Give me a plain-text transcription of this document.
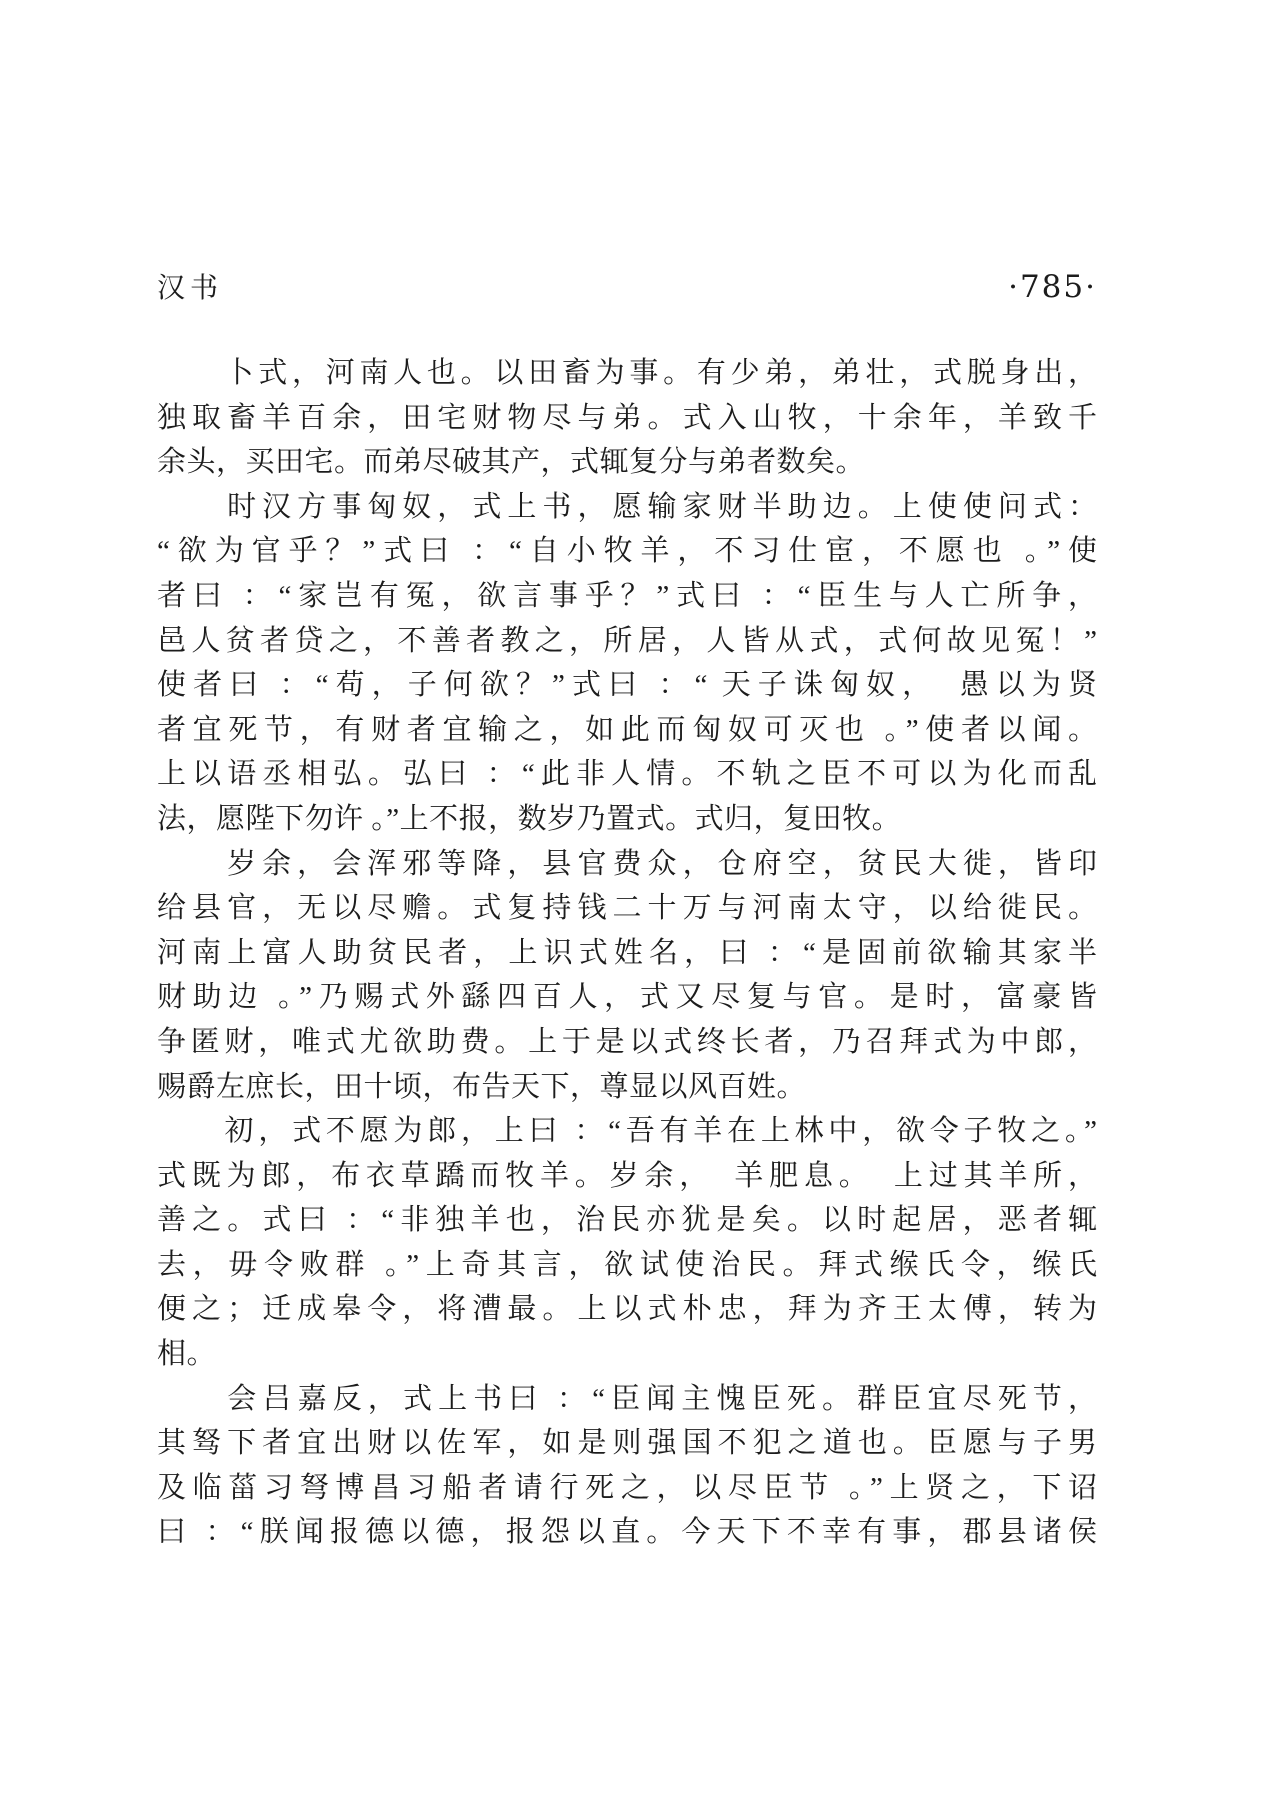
汉书	·785·
　　卜式，河南人也。以田畜为事。有少弟，弟壮，式脱身出，
独取畜羊百余，田宅财物尽与弟。式入山牧，十余年，羊致千
余头，买田宅。而弟尽破其产，式辄复分与弟者数矣。
　　时汉方事匈奴，式上书，愿输家财半助边。上使使问式：
“欲为官乎？”式曰 ：“自小牧羊，不习仕宦，不愿也 。”使
者曰 ：“家岂有冤，欲言事乎？”式曰 ：“臣生与人亡所争，
邑人贫者贷之，不善者教之，所居，人皆从式，式何故见冤！”
使者曰 ：“苟，子何欲？”式曰 ：“ 天子诛匈奴，　愚以为贤
者宜死节，有财者宜输之，如此而匈奴可灭也 。”使者以闻。
上以语丞相弘。弘曰 ：“此非人情。不轨之臣不可以为化而乱
法，愿陛下勿许 。”上不报，数岁乃置式。式归，复田牧。
　　岁余，会浑邪等降，县官费众，仓府空，贫民大徙，皆印
给县官，无以尽赡。式复持钱二十万与河南太守，以给徙民。
河南上富人助贫民者，上识式姓名，曰 ：“是固前欲输其家半
财助边 。”乃赐式外繇四百人，式又尽复与官。是时，富豪皆
争匿财，唯式尤欲助费。上于是以式终长者，乃召拜式为中郎，
赐爵左庶长，田十顷，布告天下，尊显以风百姓。
　　初，式不愿为郎，上曰 ：“吾有羊在上林中，欲令子牧之。”
式既为郎，布衣草蹻而牧羊。岁余，　羊肥息。　上过其羊所，
善之。式曰 ：“非独羊也，治民亦犹是矣。以时起居，恶者辄
去，毋令败群 。”上奇其言，欲试使治民。拜式缑氏令，缑氏
便之；迁成皋令，将漕最。上以式朴忠，拜为齐王太傅，转为
相。
　　会吕嘉反，式上书曰 ：“臣闻主愧臣死。群臣宜尽死节，
其驽下者宜出财以佐军，如是则强国不犯之道也。臣愿与子男
及临菑习弩博昌习船者请行死之，以尽臣节 。”上贤之，下诏
曰 ：“朕闻报德以德，报怨以直。今天下不幸有事，郡县诸侯
